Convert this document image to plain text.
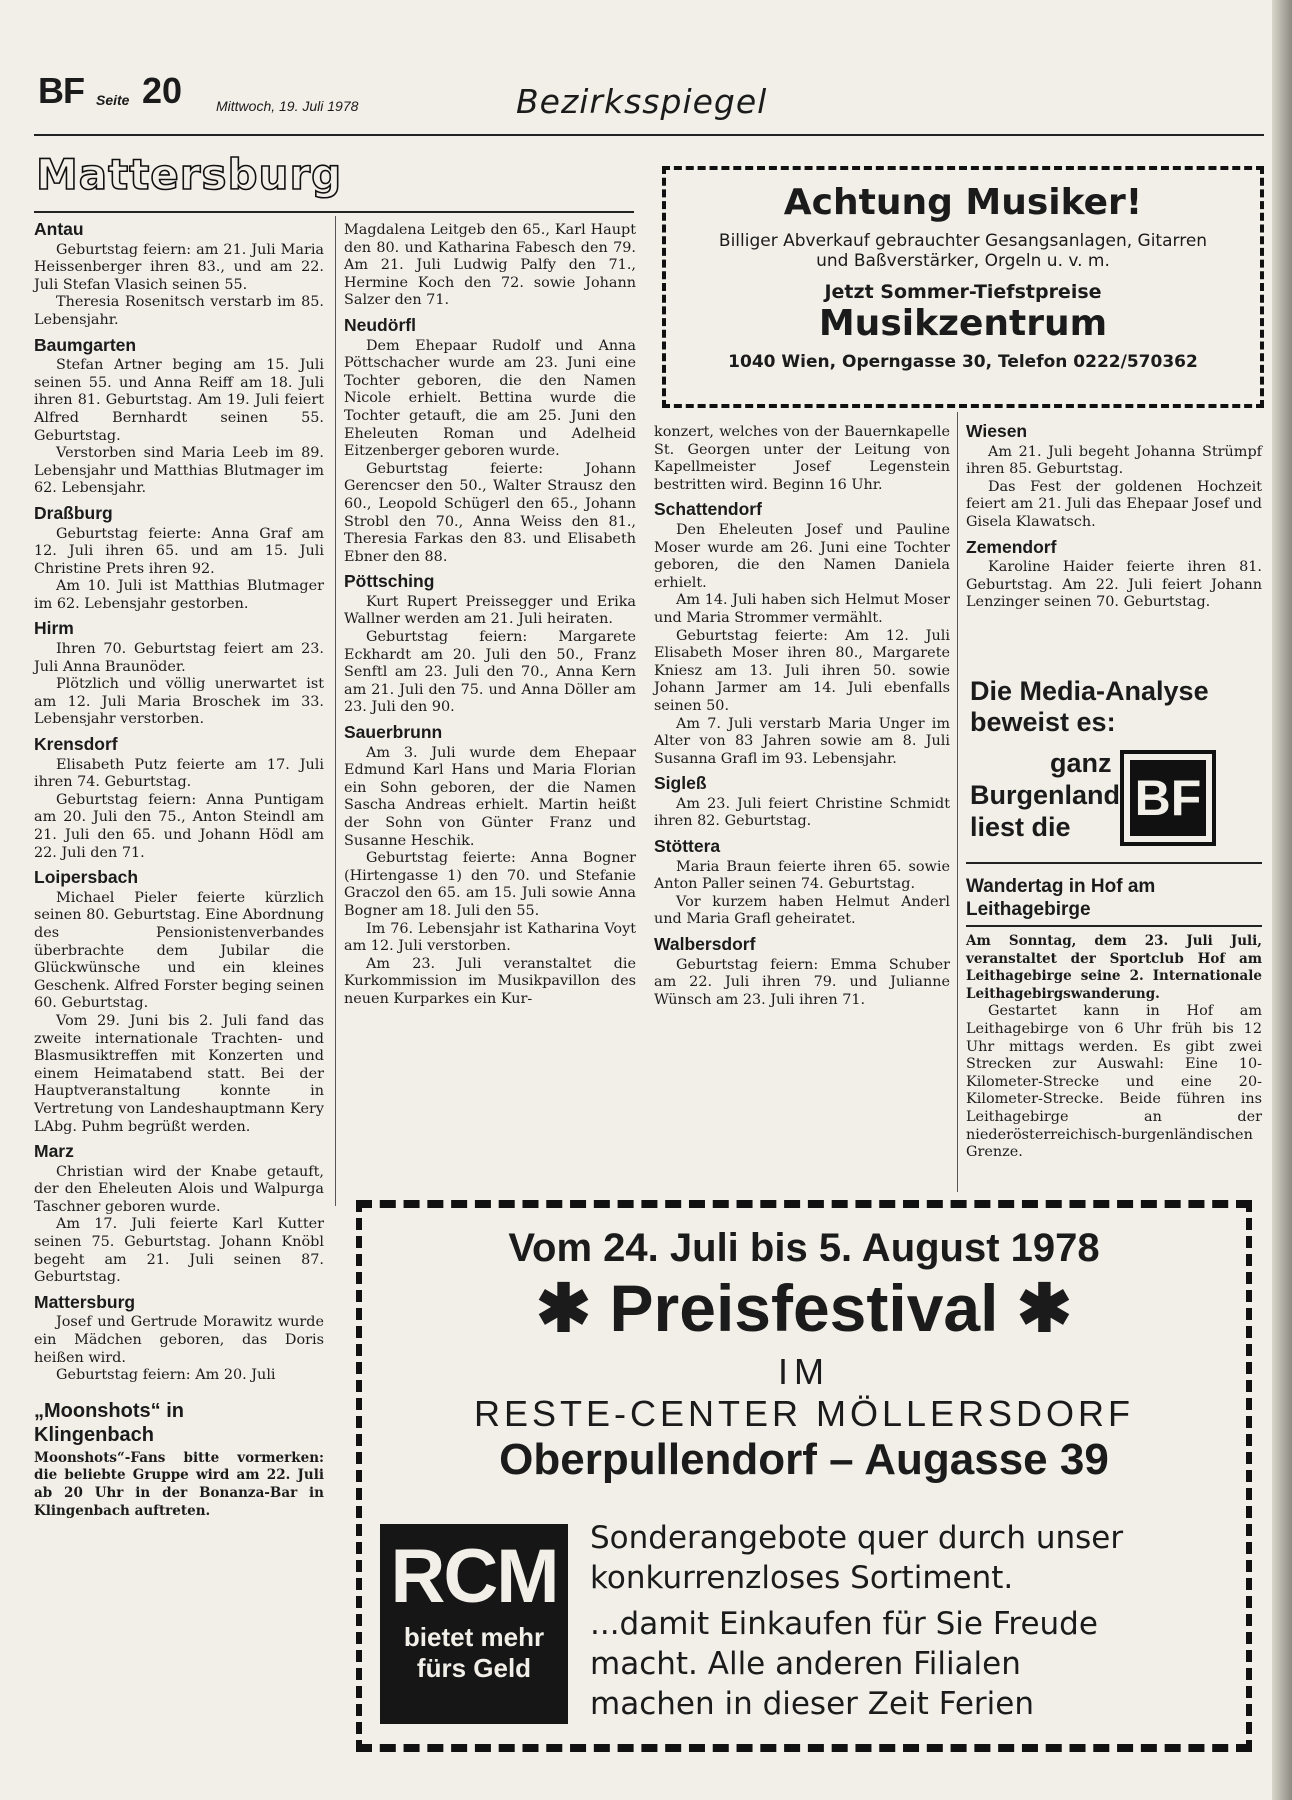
BF Seite 20 Mittwoch, 19. Juli 1978	Bezirksspiegel
Mattersburg
Antau

Geburtstag feiern: am 21. Juli Maria Heissenberger ihren 83., und am 22. Juli Stefan Vlasich seinen 55.

Theresia Rosenitsch verstarb im 85. Lebensjahr.

Baumgarten

Stefan Artner beging am 15. Juli seinen 55. und Anna Reiff am 18. Juli ihren 81. Geburtstag. Am 19. Juli feiert Alfred Bernhardt seinen 55. Geburtstag.

Verstorben sind Maria Leeb im 89. Lebensjahr und Matthias Blutmager im 62. Lebensjahr.

Draßburg

Geburtstag feierte: Anna Graf am 12. Juli ihren 65. und am 15. Juli Christine Prets ihren 92.

Am 10. Juli ist Matthias Blutmager im 62. Lebensjahr gestorben.

Hirm

Ihren 70. Geburtstag feiert am 23. Juli Anna Braunöder.

Plötzlich und völlig unerwartet ist am 12. Juli Maria Broschek im 33. Lebensjahr verstorben.

Krensdorf

Elisabeth Putz feierte am 17. Juli ihren 74. Geburtstag.

Geburtstag feiern: Anna Puntigam am 20. Juli den 75., Anton Steindl am 21. Juli den 65. und Johann Hödl am 22. Juli den 71.

Loipersbach

Michael Pieler feierte kürzlich seinen 80. Geburtstag. Eine Abordnung des Pensionistenverbandes überbrachte dem Jubilar die Glückwünsche und ein kleines Geschenk. Alfred Forster beging seinen 60. Geburtstag.

Vom 29. Juni bis 2. Juli fand das zweite internationale Trachten- und Blasmusiktreffen mit Konzerten und einem Heimatabend statt. Bei der Hauptveranstaltung konnte in Vertretung von Landeshauptmann Kery LAbg. Puhm begrüßt werden.

Marz

Christian wird der Knabe getauft, der den Eheleuten Alois und Walpurga Taschner geboren wurde.

Am 17. Juli feierte Karl Kutter seinen 75. Geburtstag. Johann Knöbl begeht am 21. Juli seinen 87. Geburtstag.

Mattersburg

Josef und Gertrude Morawitz wurde ein Mädchen geboren, das Doris heißen wird.

Geburtstag feiern: Am 20. Juli

„Moonshots“ in Klingenbach

Moonshots“-Fans bitte vormerken: die beliebte Gruppe wird am 22. Juli ab 20 Uhr in der Bonanza-Bar in Klingenbach auftreten.

Magdalena Leitgeb den 65., Karl Haupt den 80. und Katharina Fabesch den 79. Am 21. Juli Ludwig Palfy den 71., Hermine Koch den 72. sowie Johann Salzer den 71.

Neudörfl

Dem Ehepaar Rudolf und Anna Pöttschacher wurde am 23. Juni eine Tochter geboren, die den Namen Nicole erhielt. Bettina wurde die Tochter getauft, die am 25. Juni den Eheleuten Roman und Adelheid Eitzenberger geboren wurde.

Geburtstag feierte: Johann Gerencser den 50., Walter Strausz den 60., Leopold Schügerl den 65., Johann Strobl den 70., Anna Weiss den 81., Theresia Farkas den 83. und Elisabeth Ebner den 88.

Pöttsching

Kurt Rupert Preissegger und Erika Wallner werden am 21. Juli heiraten.

Geburtstag feiern: Margarete Eckhardt am 20. Juli den 50., Franz Senftl am 23. Juli den 70., Anna Kern am 21. Juli den 75. und Anna Döller am 23. Juli den 90.

Sauerbrunn

Am 3. Juli wurde dem Ehepaar Edmund Karl Hans und Maria Florian ein Sohn geboren, der die Namen Sascha Andreas erhielt. Martin heißt der Sohn von Günter Franz und Susanne Heschik.

Geburtstag feierte: Anna Bogner (Hirtengasse 1) den 70. und Stefanie Graczol den 65. am 15. Juli sowie Anna Bogner am 18. Juli den 55.

Im 76. Lebensjahr ist Katharina Voyt am 12. Juli verstorben.

Am 23. Juli veranstaltet die Kurkommission im Musikpavillon des neuen Kurparkes ein Kur-

Achtung Musiker!
Billiger Abverkauf gebrauchter Gesangsanlagen, Gitarren
und Baßverstärker, Orgeln u. v. m.
Jetzt Sommer-Tiefstpreise
Musikzentrum
1040 Wien, Operngasse 30, Telefon 0222/570362

konzert, welches von der Bauernkapelle St. Georgen unter der Leitung von Kapellmeister Josef Legenstein bestritten wird. Beginn 16 Uhr.

Schattendorf

Den Eheleuten Josef und Pauline Moser wurde am 26. Juni eine Tochter geboren, die den Namen Daniela erhielt.

Am 14. Juli haben sich Helmut Moser und Maria Strommer vermählt.

Geburtstag feierte: Am 12. Juli Elisabeth Moser ihren 80., Margarete Kniesz am 13. Juli ihren 50. sowie Johann Jarmer am 14. Juli ebenfalls seinen 50.

Am 7. Juli verstarb Maria Unger im Alter von 83 Jahren sowie am 8. Juli Susanna Grafl im 93. Lebensjahr.

Sigleß

Am 23. Juli feiert Christine Schmidt ihren 82. Geburtstag.

Stöttera

Maria Braun feierte ihren 65. sowie Anton Paller seinen 74. Geburtstag.

Vor kurzem haben Helmut Anderl und Maria Grafl geheiratet.

Walbersdorf

Geburtstag feiern: Emma Schuber am 22. Juli ihren 79. und Julianne Wünsch am 23. Juli ihren 71.

Wiesen

Am 21. Juli begeht Johanna Strümpf ihren 85. Geburtstag.

Das Fest der goldenen Hochzeit feiert am 21. Juli das Ehepaar Josef und Gisela Klawatsch.

Zemendorf

Karoline Haider feierte ihren 81. Geburtstag. Am 22. Juli feiert Johann Lenzinger seinen 70. Geburtstag.

Die Media-Analyse
beweist es:
ganz
Burgenland
liest die
BF
Wandertag in Hof am Leithagebirge

Am Sonntag, dem 23. Juli Juli, veranstaltet der Sportclub Hof am Leithagebirge seine 2. Internationale Leithagebirgswanderung.

Gestartet kann in Hof am Leithagebirge von 6 Uhr früh bis 12 Uhr mittags werden. Es gibt zwei Strecken zur Auswahl: Eine 10-Kilometer-Strecke und eine 20-Kilometer-Strecke. Beide führen ins Leithagebirge an der niederösterreichisch-burgenländischen Grenze.

Vom 24. Juli bis 5. August 1978
✱ Preisfestival ✱
IM
RESTE-CENTER MÖLLERSDORF
Oberpullendorf – Augasse 39
RCM
bietet mehr
fürs Geld
Sonderangebote quer durch unser
konkurrenzloses Sortiment.
...damit Einkaufen für Sie Freude
macht. Alle anderen Filialen
machen in dieser Zeit Ferien
